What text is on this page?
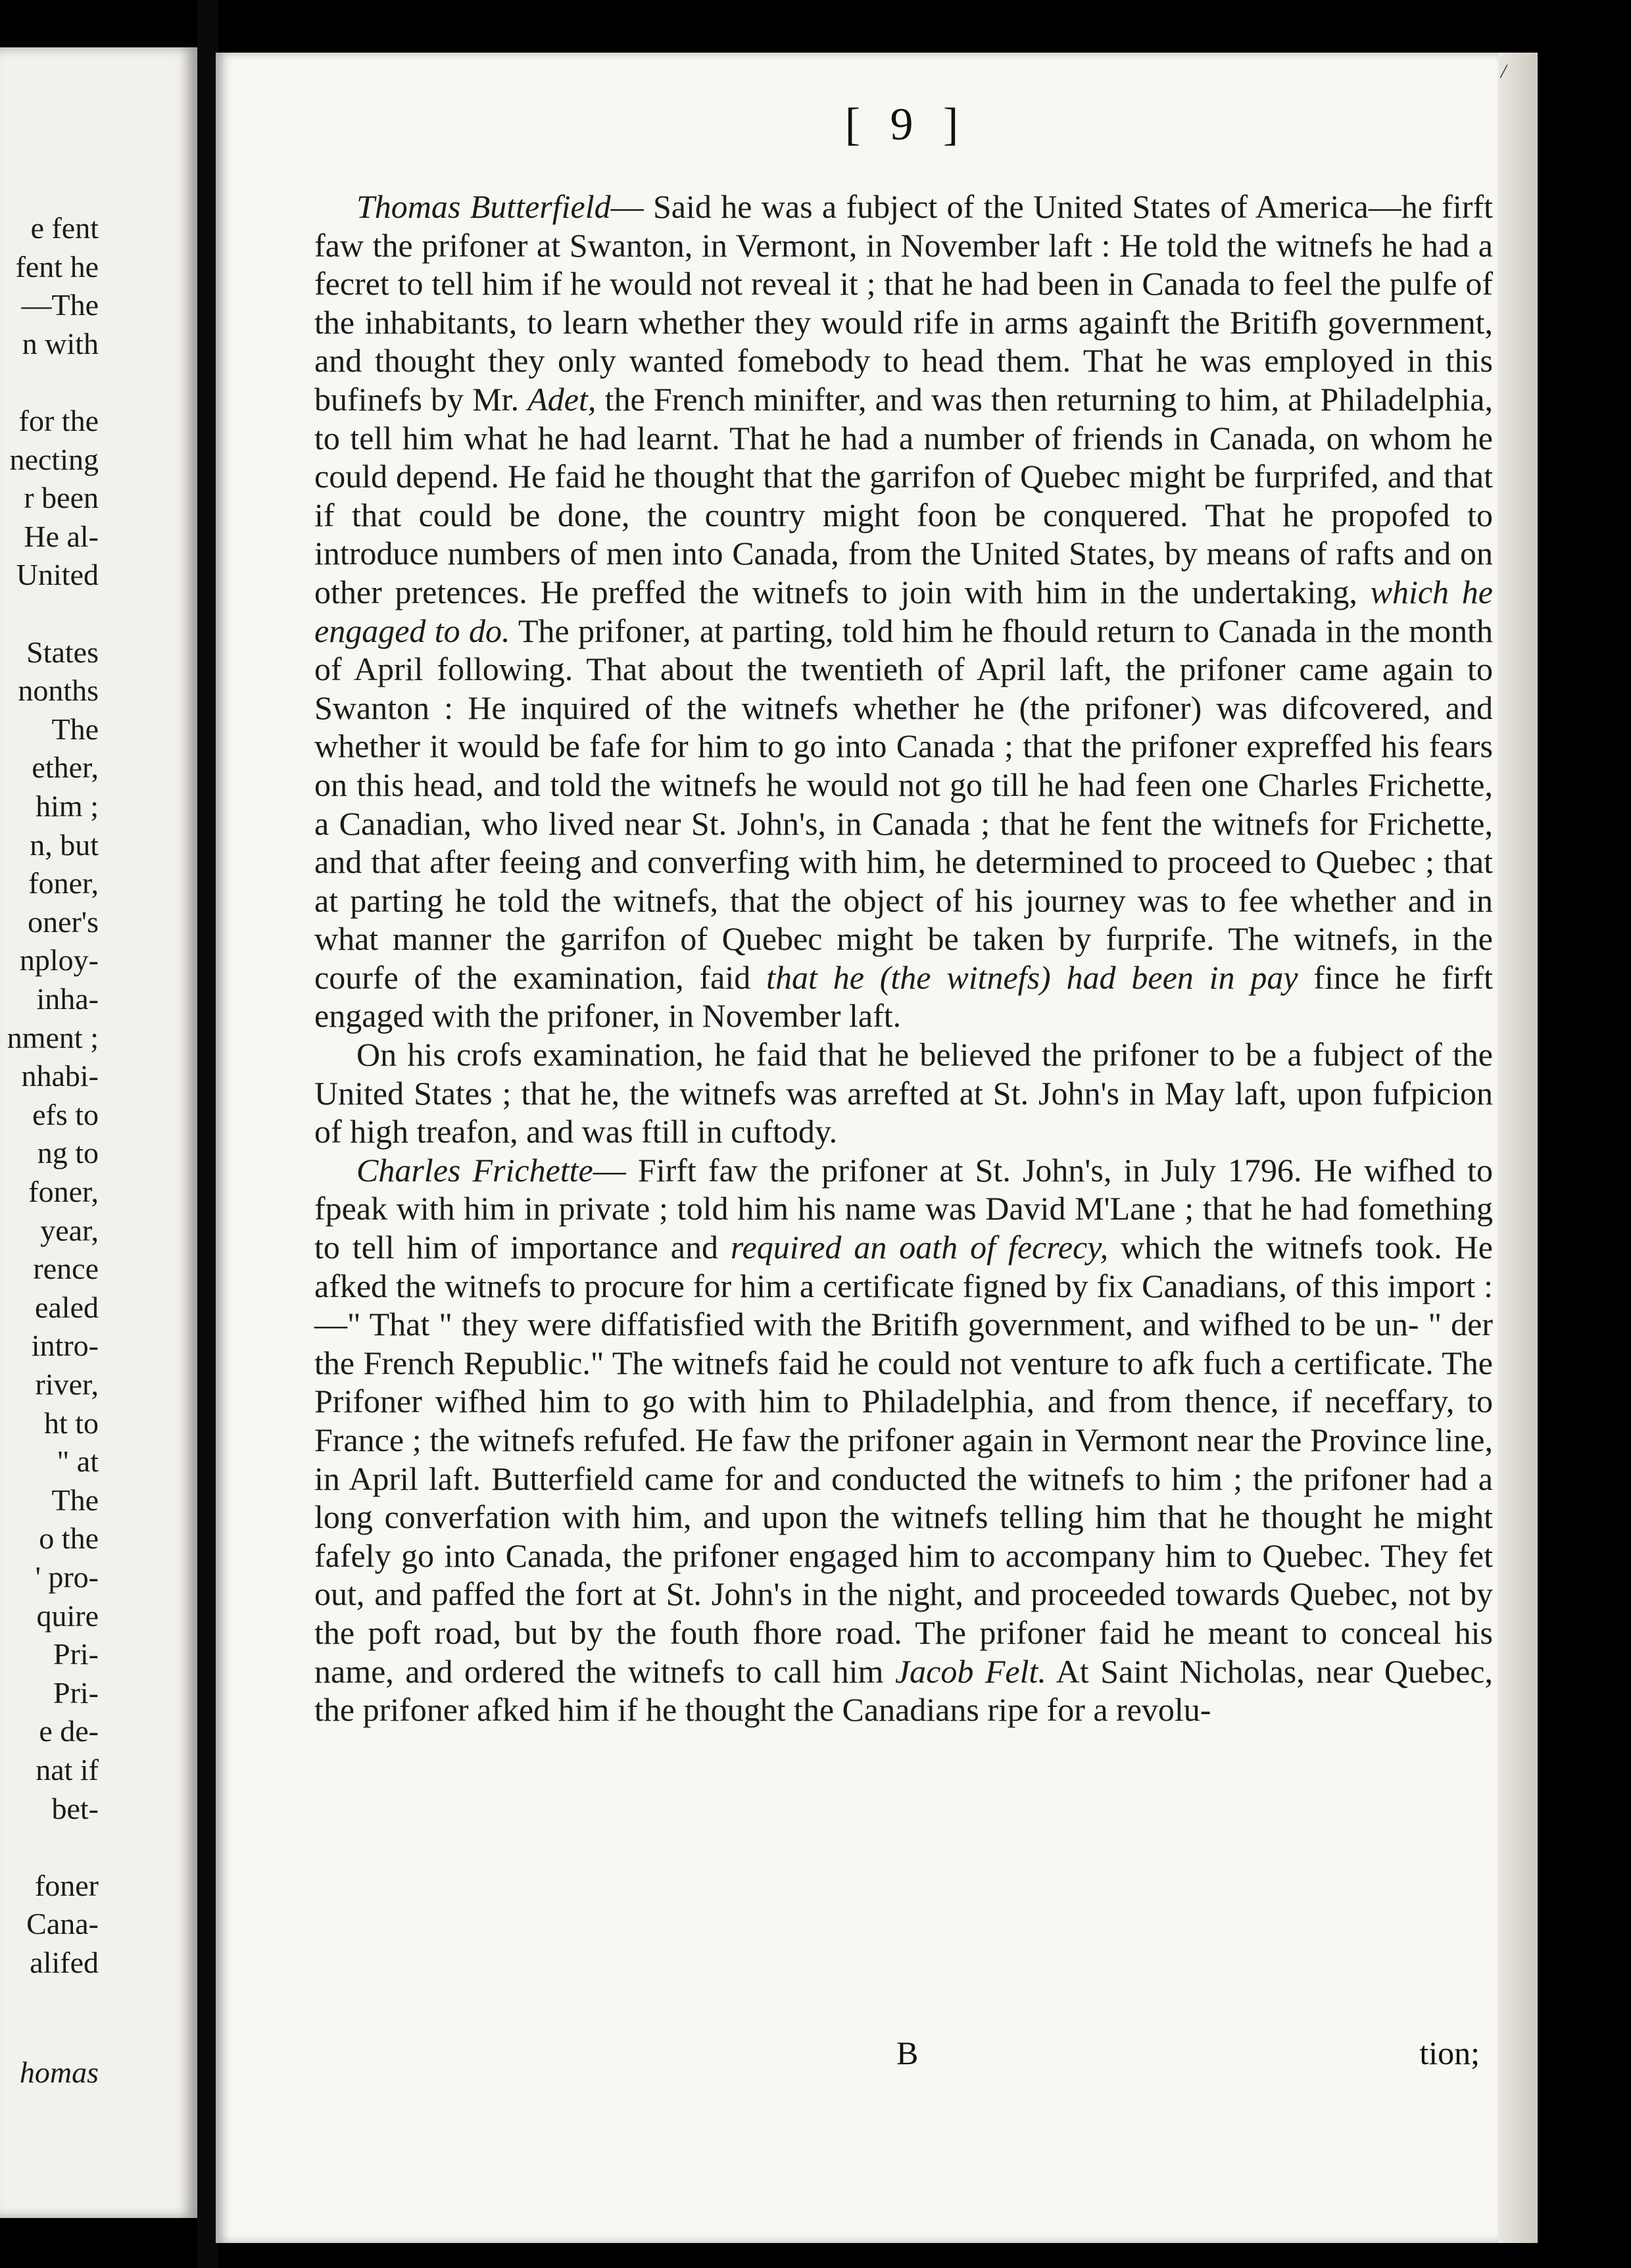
e fent
fent he
—The
n with
for the
necting
r been
He al-
United
States
nonths
The
ether,
him ;
n, but
foner,
oner's
nploy-
inha-
nment ;
nhabi-
efs to
ng to
foner,
year,
rence
ealed
intro-
river,
ht to
" at
The
o the
' pro-
quire
Pri-
Pri-
e de-
nat if
bet-
foner
Cana-
alifed
homas
[ 9 ]

Thomas Butterfield— Said he was a fubject of the United States of America—he firft faw the prifoner at Swanton, in Vermont, in November laft : He told the witnefs he had a fecret to tell him if he would not reveal it ; that he had been in Canada to feel the pulfe of the inhabitants, to learn whether they would rife in arms againft the Britifh government, and thought they only wanted fomebody to head them. That he was employed in this bufinefs by Mr. Adet, the French minifter, and was then returning to him, at Philadelphia, to tell him what he had learnt. That he had a number of friends in Canada, on whom he could depend. He faid he thought that the garrifon of Quebec might be furprifed, and that if that could be done, the country might foon be conquered. That he propofed to introduce numbers of men into Canada, from the United States, by means of rafts and on other pretences. He preffed the witnefs to join with him in the undertaking, which he engaged to do. The prifoner, at parting, told him he fhould return to Canada in the month of April following. That about the twentieth of April laft, the prifoner came again to Swanton : He inquired of the witnefs whether he (the prifoner) was difcovered, and whether it would be fafe for him to go into Canada ; that the prifoner expreffed his fears on this head, and told the witnefs he would not go till he had feen one Charles Frichette, a Canadian, who lived near St. John's, in Canada ; that he fent the witnefs for Frichette, and that after feeing and converfing with him, he determined to proceed to Quebec ; that at parting he told the witnefs, that the object of his journey was to fee whether and in what manner the garrifon of Quebec might be taken by furprife. The witnefs, in the courfe of the examination, faid that he (the witnefs) had been in pay fince he firft engaged with the prifoner, in November laft.

On his crofs examination, he faid that he believed the prifoner to be a fubject of the United States ; that he, the witnefs was arrefted at St. John's in May laft, upon fufpicion of high treafon, and was ftill in cuftody.

Charles Frichette— Firft faw the prifoner at St. John's, in July 1796. He wifhed to fpeak with him in private ; told him his name was David M'Lane ; that he had fomething to tell him of importance and required an oath of fecrecy, which the witnefs took. He afked the witnefs to procure for him a certificate figned by fix Canadians, of this import :—" That " they were diffatisfied with the Britifh government, and wifhed to be un- " der the French Republic." The witnefs faid he could not venture to afk fuch a certificate. The Prifoner wifhed him to go with him to Philadelphia, and from thence, if neceffary, to France ; the witnefs refufed. He faw the prifoner again in Vermont near the Province line, in April laft. Butterfield came for and conducted the witnefs to him ; the prifoner had a long converfation with him, and upon the witnefs telling him that he thought he might fafely go into Canada, the prifoner engaged him to accompany him to Quebec. They fet out, and paffed the fort at St. John's in the night, and proceeded towards Quebec, not by the poft road, but by the fouth fhore road. The prifoner faid he meant to conceal his name, and ordered the witnefs to call him Jacob Felt. At Saint Nicholas, near Quebec, the prifoner afked him if he thought the Canadians ripe for a revolu-

B	tion;
/
